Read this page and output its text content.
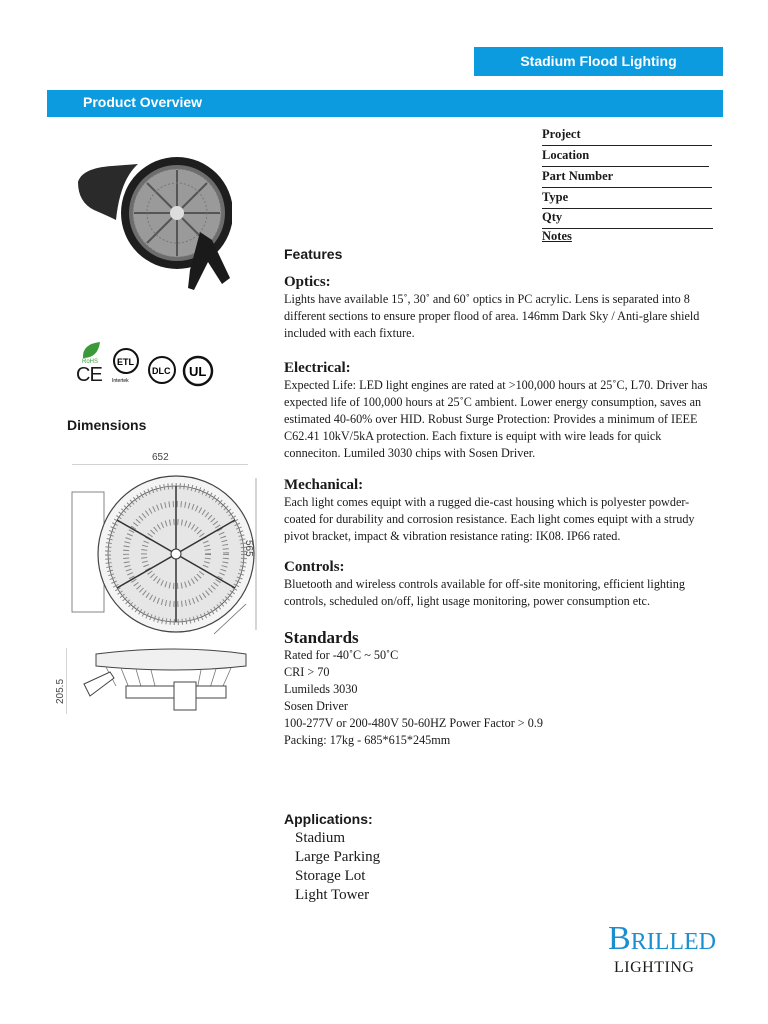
Stadium Flood Lighting
Product Overview
Project
Location
Part Number
Type
Qty
Notes
RoHS
CE
ETL
Intertek
DLC UL
Dimensions
652
565
205.5
Features
Optics:
Lights have available 15˚, 30˚ and 60˚ optics in PC acrylic. Lens is separated into 8 different sections to ensure proper flood of area. 146mm Dark Sky / Anti-glare shield included with each fixture.
Electrical:
Expected Life: LED light engines are rated at >100,000 hours at 25˚C, L70. Driver has expected life of 100,000 hours at 25˚C ambient. Lower energy consumption, saves an estimated 40-60% over HID. Robust Surge Protection: Provides a minimum of IEEE C62.41 10kV/5kA protection. Each fixture is equipt with wire leads for quick conneciton. Lumiled 3030 chips with Sosen Driver.
Mechanical:
Each light comes equipt with a rugged die-cast housing which is polyester powder-coated for durability and corrosion resistance. Each light comes equipt with a strudy pivot bracket, impact & vibration resistance rating: IK08. IP66 rated.
Controls:
Bluetooth and wireless controls available for off-site monitoring, efficient lighting controls, scheduled on/off, light usage monitoring, power consumption etc.
Standards
Rated for -40˚C ~ 50˚C
CRI > 70
Lumileds 3030
Sosen Driver
100-277V or 200-480V 50-60HZ Power Factor > 0.9
Packing: 17kg - 685*615*245mm
Applications:
Stadium
Large Parking
Storage Lot
Light Tower
BRILLED
LIGHTING
